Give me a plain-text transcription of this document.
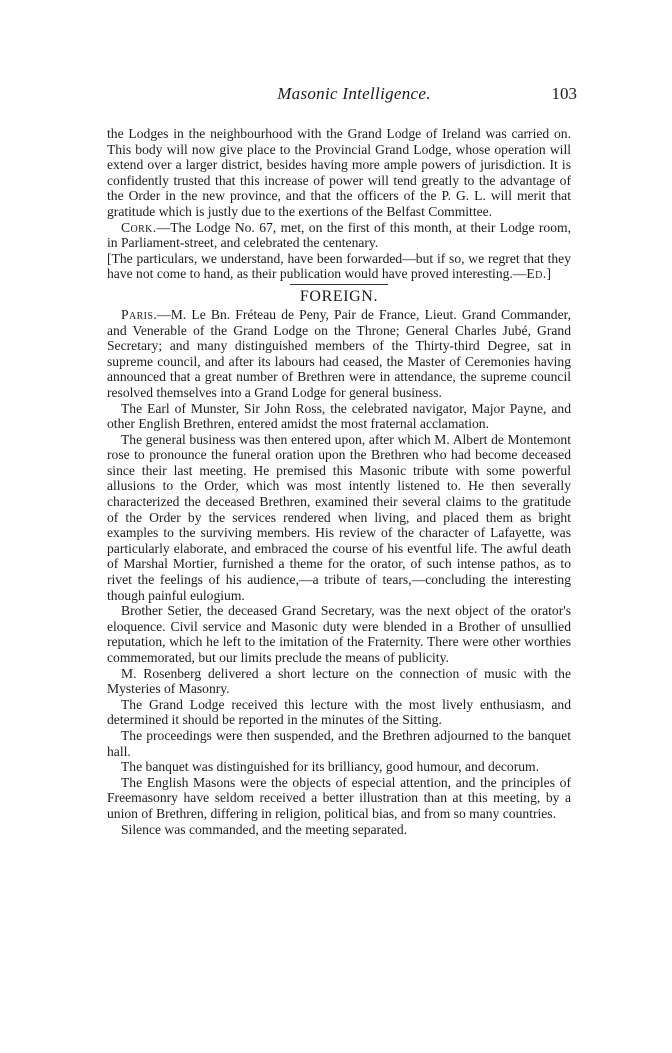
Masonic Intelligence.	103

the Lodges in the neighbourhood with the Grand Lodge of Ireland was carried on. This body will now give place to the Provincial Grand Lodge, whose operation will extend over a larger district, besides having more ample powers of jurisdiction. It is confidently trusted that this increase of power will tend greatly to the advantage of the Order in the new province, and that the officers of the P. G. L. will merit that gratitude which is justly due to the exertions of the Belfast Committee.

Cork.—The Lodge No. 67, met, on the first of this month, at their Lodge room, in Parliament-street, and celebrated the centenary.

[The particulars, we understand, have been forwarded—but if so, we regret that they have not come to hand, as their publication would have proved interesting.—Ed.]

FOREIGN.

Paris.—M. Le Bn. Fréteau de Peny, Pair de France, Lieut. Grand Commander, and Venerable of the Grand Lodge on the Throne; General Charles Jubé, Grand Secretary; and many distinguished members of the Thirty-third Degree, sat in supreme council, and after its labours had ceased, the Master of Ceremonies having announced that a great number of Brethren were in attendance, the supreme council resolved themselves into a Grand Lodge for general business.

The Earl of Munster, Sir John Ross, the celebrated navigator, Major Payne, and other English Brethren, entered amidst the most fraternal acclamation.

The general business was then entered upon, after which M. Albert de Montemont rose to pronounce the funeral oration upon the Brethren who had become deceased since their last meeting. He premised this Masonic tribute with some powerful allusions to the Order, which was most intently listened to. He then severally characterized the deceased Brethren, examined their several claims to the gratitude of the Order by the services rendered when living, and placed them as bright examples to the surviving members. His review of the character of Lafayette, was particularly elaborate, and embraced the course of his eventful life. The awful death of Marshal Mortier, furnished a theme for the orator, of such intense pathos, as to rivet the feelings of his audience,—a tribute of tears,—concluding the interesting though painful eulogium.

Brother Setier, the deceased Grand Secretary, was the next object of the orator's eloquence. Civil service and Masonic duty were blended in a Brother of unsullied reputation, which he left to the imitation of the Fraternity. There were other worthies commemorated, but our limits preclude the means of publicity.

M. Rosenberg delivered a short lecture on the connection of music with the Mysteries of Masonry.

The Grand Lodge received this lecture with the most lively enthusiasm, and determined it should be reported in the minutes of the Sitting.

The proceedings were then suspended, and the Brethren adjourned to the banquet hall.

The banquet was distinguished for its brilliancy, good humour, and decorum.

The English Masons were the objects of especial attention, and the principles of Freemasonry have seldom received a better illustration than at this meeting, by a union of Brethren, differing in religion, political bias, and from so many countries.

Silence was commanded, and the meeting separated.
